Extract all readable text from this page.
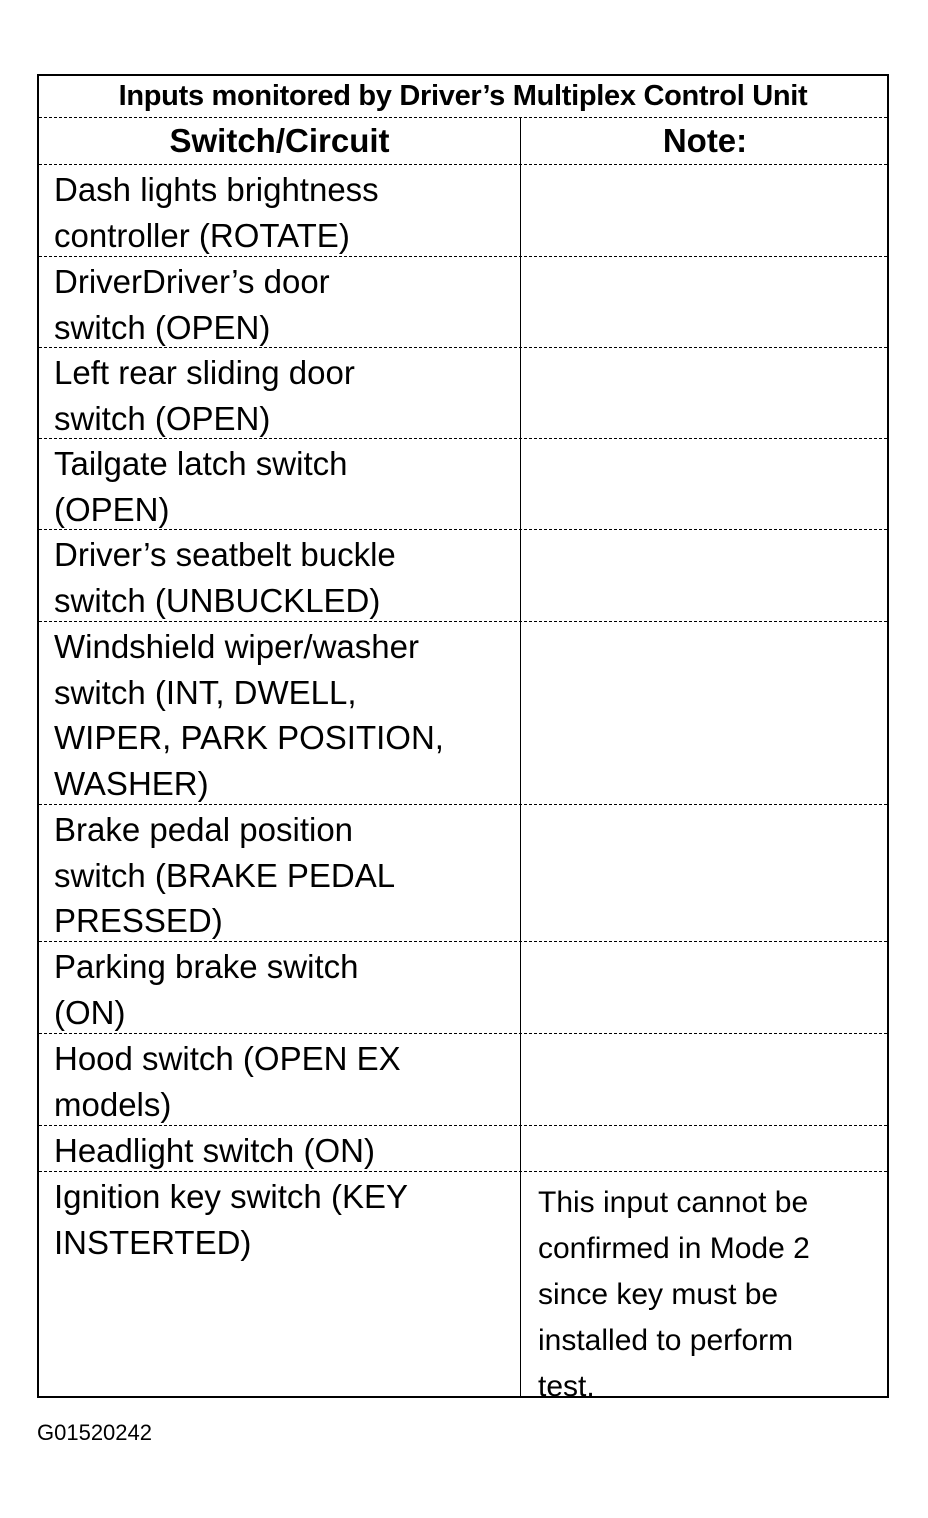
Inputs monitored by Driver’s Multiplex Control Unit
Switch/Circuit	Note:
Dash lights brightness
controller (ROTATE)
DriverDriver’s door
switch (OPEN)
Left rear sliding door
switch (OPEN)
Tailgate latch switch
(OPEN)
Driver’s seatbelt buckle
switch (UNBUCKLED)
Windshield wiper/washer
switch (INT, DWELL,
WIPER, PARK POSITION,
WASHER)
Brake pedal position
switch (BRAKE PEDAL
PRESSED)
Parking brake switch
(ON)
Hood switch (OPEN EX
models)
Headlight switch (ON)
Ignition key switch (KEY
INSTERTED)
This input cannot be
confirmed in Mode 2
since key must be
installed to perform
test.
G01520242
